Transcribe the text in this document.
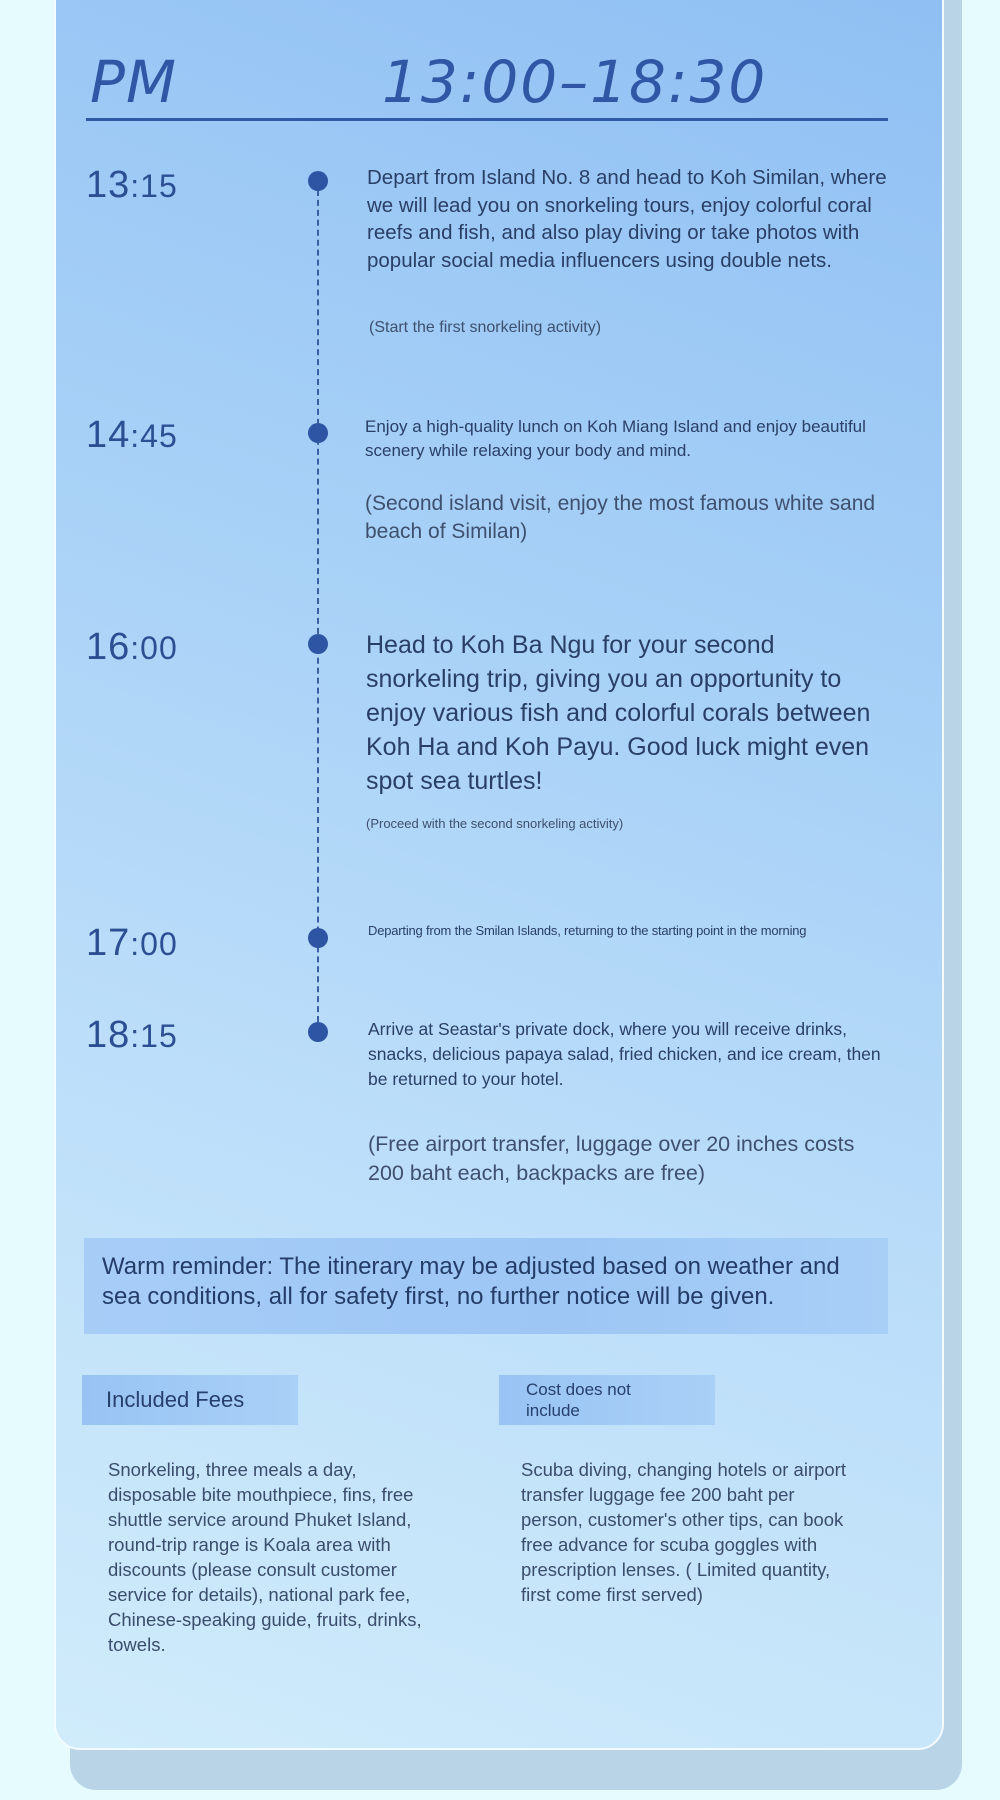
PM	13:00–18:30
13:15	Depart from Island No. 8 and head to Koh Similan, where we will lead you on snorkeling tours, enjoy colorful coral reefs and fish, and also play diving or take photos with popular social media influencers using double nets.
(Start the first snorkeling activity)
14:45	Enjoy a high-quality lunch on Koh Miang Island and enjoy beautiful scenery while relaxing your body and mind.
(Second island visit, enjoy the most famous white sand beach of Similan)
16:00	Head to Koh Ba Ngu for your second snorkeling trip, giving you an opportunity to enjoy various fish and colorful corals between Koh Ha and Koh Payu. Good luck might even spot sea turtles!
(Proceed with the second snorkeling activity)
17:00	Departing from the Smilan Islands, returning to the starting point in the morning
18:15	Arrive at Seastar's private dock, where you will receive drinks, snacks, delicious papaya salad, fried chicken, and ice cream, then be returned to your hotel.
(Free airport transfer, luggage over 20 inches costs 200 baht each, backpacks are free)
Warm reminder: The itinerary may be adjusted based on weather and sea conditions, all for safety first, no further notice will be given.
Included Fees
Snorkeling, three meals a day, disposable bite mouthpiece, fins, free shuttle service around Phuket Island, round-trip range is Koala area with discounts (please consult customer service for details), national park fee, Chinese-speaking guide, fruits, drinks, towels.
Cost does not include
Scuba diving, changing hotels or airport transfer luggage fee 200 baht per person, customer's other tips, can book free advance for scuba goggles with prescription lenses. ( Limited quantity, first come first served)
